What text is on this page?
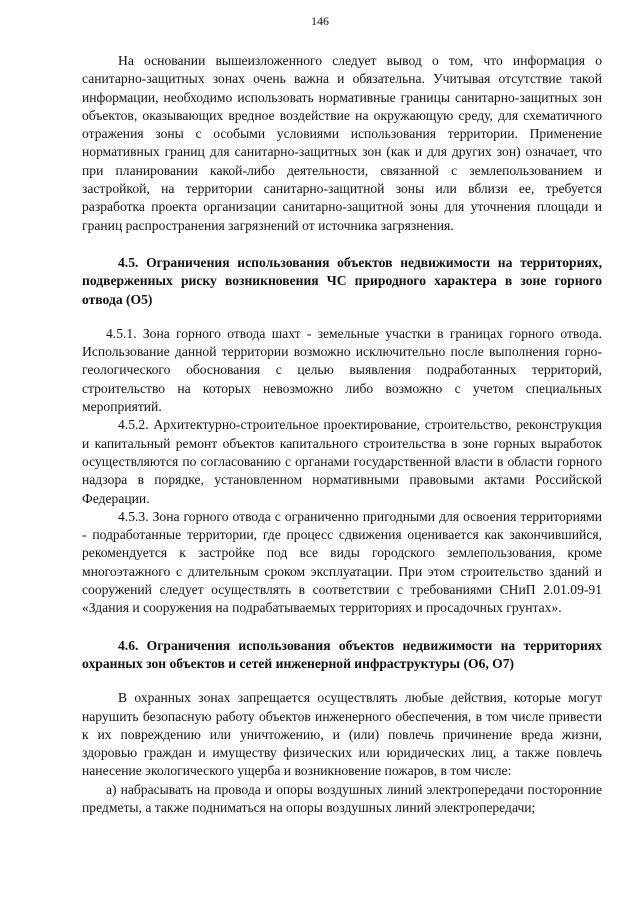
146

На основании вышеизложенного следует вывод о том, что информация о санитарно-защитных зонах очень важна и обязательна. Учитывая отсутствие такой информации, необходимо использовать нормативные границы санитарно-защитных зон объектов, оказывающих вредное воздействие на окружающую среду, для схематичного отражения зоны с особыми условиями использования территории. Применение нормативных границ для санитарно-защитных зон (как и для других зон) означает, что при планировании какой-либо деятельности, связанной с землепользованием и застройкой, на территории санитарно-защитной зоны или вблизи ее, требуется разработка проекта организации санитарно-защитной зоны для уточнения площади и границ распространения загрязнений от источника загрязнения.

4.5. Ограничения использования объектов недвижимости на территориях, подверженных риску возникновения ЧС природного характера в зоне горного отвода (О5)

4.5.1. Зона горного отвода шахт - земельные участки в границах горного отвода. Использование данной территории возможно исключительно после выполнения горно-геологического обоснования с целью выявления подработанных территорий, строительство на которых невозможно либо возможно с учетом специальных мероприятий.

4.5.2. Архитектурно-строительное проектирование, строительство, реконструкция и капитальный ремонт объектов капитального строительства в зоне горных выработок осуществляются по согласованию с органами государственной власти в области горного надзора в порядке, установленном нормативными правовыми актами Российской Федерации.

4.5.3. Зона горного отвода с ограниченно пригодными для освоения территориями - подработанные территории, где процесс сдвижения оценивается как закончившийся, рекомендуется к застройке под все виды городского землепользования, кроме многоэтажного с длительным сроком эксплуатации. При этом строительство зданий и сооружений следует осуществлять в соответствии с требованиями СНиП 2.01.09-91 «Здания и сооружения на подрабатываемых территориях и просадочных грунтах».

4.6. Ограничения использования объектов недвижимости на территориях охранных зон объектов и сетей инженерной инфраструктуры (О6, О7)

В охранных зонах запрещается осуществлять любые действия, которые могут нарушить безопасную работу объектов инженерного обеспечения, в том числе привести к их повреждению или уничтожению, и (или) повлечь причинение вреда жизни, здоровью граждан и имуществу физических или юридических лиц, а также повлечь нанесение экологического ущерба и возникновение пожаров, в том числе:

а) набрасывать на провода и опоры воздушных линий электропередачи посторонние предметы, а также подниматься на опоры воздушных линий электропередачи;
